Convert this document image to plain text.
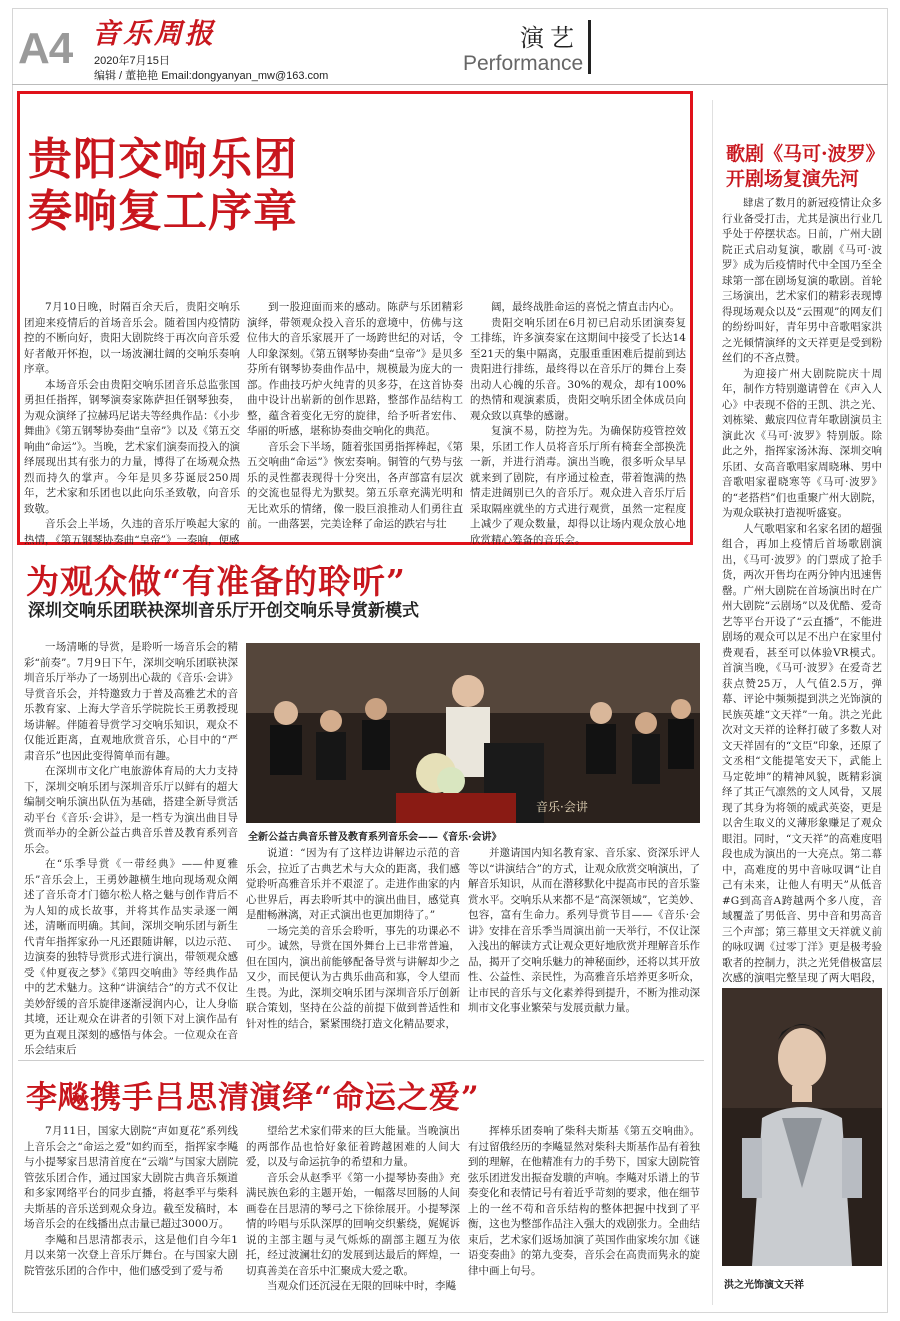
A4 音乐周报
2020年7月15日
编辑 / 董艳艳 Email:dongyanyan_mw@163.com
演艺
Performance
贵阳交响乐团
奏响复工序章

7月10日晚，时隔百余天后，贵阳交响乐团迎来疫情后的首场音乐会。随着国内疫情防控的不断向好，贵阳大剧院终于再次向音乐爱好者敞开怀抱，以一场波澜壮阔的交响乐奏响序章。

本场音乐会由贵阳交响乐团音乐总监张国勇担任指挥，钢琴演奏家陈萨担任钢琴独奏，为观众演绎了拉赫玛尼诺夫等经典作品：《小步舞曲》《第五钢琴协奏曲“皇帝”》以及《第五交响曲“命运”》。当晚，艺术家们演奏而投入的演绎展现出其有张力的力量，博得了在场观众热烈而持久的掌声。今年是贝多芬诞辰250周年，艺术家和乐团也以此向乐圣致敬，向音乐致敬。

音乐会上半场，久违的音乐厅唤起大家的热情，《第五钢琴协奏曲“皇帝”》一奏响，便感

到一股迎面而来的感动。陈萨与乐团精彩演绎，带领观众投入音乐的意境中，仿佛与这位伟大的音乐家展开了一场跨世纪的对话，令人印象深刻。《第五钢琴协奏曲“皇帝”》是贝多芬所有钢琴协奏曲作品中，规模最为庞大的一部。作曲技巧炉火纯青的贝多芬，在这首协奏曲中设计出崭新的创作思路，整部作品结构工整，蕴含着变化无穷的旋律，给予听者宏伟、华丽的听感，堪称协奏曲交响化的典范。

音乐会下半场，随着张国勇指挥棒起，《第五交响曲“命运”》恢宏奏响。铜管的气势与弦乐的灵性都表现得十分突出，各声部富有层次的交流也显得尤为默契。第五乐章充满光明和无比欢乐的情绪，像一股巨浪推动人们勇往直前。一曲落罢，完美诠释了命运的跌宕与壮

阔，最终战胜命运的喜悦之情直击内心。

贵阳交响乐团在6月初已启动乐团演奏复工排练，许多演奏家在这期间中接受了长达14至21天的集中隔离，克服重重困难后提前到达贵阳进行排练，最终得以在音乐厅的舞台上奏出动人心魄的乐音。30%的观众，却有100%的热情和观演素质，贵阳交响乐团全体成员向观众致以真挚的感谢。

复演不易，防控为先。为确保防疫管控效果，乐团工作人员将音乐厅所有椅套全部换洗一新，并进行消毒。演出当晚，很多听众早早就来到了剧院，有序通过检查，带着饱满的热情走进阔别已久的音乐厅。观众进入音乐厅后采取隔座就坐的方式进行观赏，虽然一定程度上减少了观众数量，却得以让场内观众放心地欣赏精心筹备的音乐会。

为观众做“有准备的聆听”
深圳交响乐团联袂深圳音乐厅开创交响乐导赏新模式

一场清晰的导赏，是聆听一场音乐会的精彩“前奏”。7月9日下午，深圳交响乐团联袂深圳音乐厅举办了一场别出心裁的《音乐·会讲》导赏音乐会，并特邀致力于普及高雅艺术的音乐教育家、上海大学音乐学院院长王勇教授现场讲解。伴随着导赏学习交响乐知识，观众不仅能近距离，直观地欣赏音乐，心目中的“严肃音乐”也因此变得简单而有趣。

在深圳市文化广电旅游体育局的大力支持下，深圳交响乐团与深圳音乐厅以鲜有的超大编制交响乐演出队伍为基础，搭建全新导赏活动平台《音乐·会讲》，是一档专为演出曲目导赏而举办的全新公益古典音乐普及教育系列音乐会。

在“乐季导赏《一带经典》——仲夏雅乐”音乐会上，王勇妙趣横生地向现场观众阐述了音乐奇才门德尔松人格之魅与创作背后不为人知的成长故事，并将其作品实录逐一阐述，清晰而明确。其间，深圳交响乐团与新生代青年指挥家孙一凡还跟随讲解，以边示范、边演奏的独特导赏形式进行演出，带领观众感受《仲夏夜之梦》《第四交响曲》等经典作品中的艺术魅力。这种“讲演结合”的方式不仅让美妙舒缓的音乐旋律逐渐浸润内心，让人身临其境，还让观众在讲者的引领下对上演作品有更为直观且深刻的感悟与体会。一位观众在音乐会结束后

音乐·会讲
全新公益古典音乐普及教育系列音乐会——《音乐·会讲》

说道：“因为有了这样边讲解边示范的音乐会，拉近了古典艺术与大众的距离，我们感觉聆听高雅音乐并不艰涩了。走进作曲家的内心世界后，再去聆听其中的演出曲目，感觉真是酣畅淋漓，对正式演出也更加期待了。”

一场完美的音乐会聆听，事先的功课必不可少。诚然，导赏在国外舞台上已非常普遍，但在国内，演出前能够配备导赏与讲解却少之又少，而民便认为古典乐曲高和寡，令人望而生畏。为此，深圳交响乐团与深圳音乐厅创新联合策划，坚持在公益的前提下做到普适性和针对性的结合，紧紧围绕打造文化精品要求，

并邀请国内知名教育家、音乐家、资深乐评人等以“讲演结合”的方式，让观众欣赏交响演出，了解音乐知识，从而在潜移默化中提高市民的音乐鉴赏水平。交响乐从来都不是“高深领域”，它美妙、包容，富有生命力。系列导赏节目——《音乐·会讲》安排在音乐季当周演出前一天举行，不仅让深入浅出的解读方式让观众更好地欣赏并理解音乐作品，揭开了交响乐魅力的神秘面纱，还将以其开放性、公益性、亲民性，为高雅音乐培养更多听众，让市民的音乐与文化素养得到提升，不断为推动深圳市文化事业繁荣与发展贡献力量。

李飚携手吕思清演绎“命运之爱”

7月11日，国家大剧院“声如夏花”系列线上音乐会之“命运之爱”如约而至，指挥家李飚与小提琴家吕思清首度在“云端”与国家大剧院管弦乐团合作，通过国家大剧院古典音乐频道和多家网络平台的同步直播，将赵季平与柴科夫斯基的音乐送到观众身边。截至发稿时，本场音乐会的在线播出点击量已超过3000万。

李飚和吕思清都表示，这是他们自今年1月以来第一次登上音乐厅舞台。在与国家大剧院管弦乐团的合作中，他们感受到了爱与希

望给艺术家们带来的巨大能量。当晚演出的两部作品也恰好象征着跨越困难的人间大爱，以及与命运抗争的希望和力量。

音乐会从赵季平《第一小提琴协奏曲》充满民族色彩的主题开始，一幅落尽回肠的人间画卷在吕思清的琴弓之下徐徐展开。小提琴深情的吟唱与乐队深厚的回响交织紫绕，娓娓诉说的主部主题与灵气烁烁的副部主题互为依托，经过波澜壮幻的发展到达最后的辉煌，一切真善美在音乐中汇聚成大爱之歌。

当观众们还沉浸在无限的回味中时，李飚

挥棒乐团奏响了柴科夫斯基《第五交响曲》。有过留俄经历的李飚显然对柴科夫斯基作品有着独到的理解，在他精准有力的手势下，国家大剧院管弦乐团迸发出振奋发聩的声响。李飚对乐谱上的节奏变化和表情记号有着近乎苛刻的要求，他在细节上的一丝不苟和音乐结构的整体把握中找到了平衡，这也为整部作品注入强大的戏剧张力。全曲结束后，艺术家们返场加演了英国作曲家埃尔加《谜语变奏曲》的第九变奏，音乐会在高贵而隽永的旋律中画上句号。

歌剧《马可·波罗》
开剧场复演先河

肆虐了数月的新冠疫情让众多行业备受打击，尤其是演出行业几乎处于停摆状态。日前，广州大剧院正式启动复演，歌剧《马可·波罗》成为后疫情时代中全国乃至全球第一部在剧场复演的歌剧。首轮三场演出，艺术家们的精彩表现博得现场观众以及“云围观”的网友们的纷纷叫好，青年男中音歌唱家洪之光倾情演绎的文天祥更是受到粉丝们的不吝点赞。

为迎接广州大剧院院庆十周年，制作方特别邀请曾在《声入人心》中表现不俗的王凯、洪之光、刘栋梁、戴宸四位青年歌剧演员主演此次《马可·波罗》特别版。除此之外，指挥家汤沐海、深圳交响乐团、女高音歌唱家周晓琳、男中音歌唱家翟晓寒等《马可·波罗》的“老搭档”们也重聚广州大剧院，为观众联袂打造视听盛宴。

人气歌唱家和名家名团的超强组合，再加上疫情后首场歌剧演出，《马可·波罗》的门票成了抢手货，两次开售均在两分钟内迅速售罄。广州大剧院在首场演出时在广州大剧院“云剧场”以及优酷、爱奇艺等平台开设了“云直播”，不能进剧场的观众可以足不出户在家里付费观看，甚至可以体验VR模式。首演当晚，《马可·波罗》在爱奇艺获点赞25万，人气值2.5万，弹幕、评论中频频提到洪之光饰演的民族英雄“文天祥”一角。洪之光此次对文天祥的诠释打破了多数人对文天祥固有的“文臣”印象，还原了文丞相“文能提笔安天下，武能上马定乾坤”的精神风貌，既精彩演绎了其正气凛然的文人风骨，又展现了其身为将领的威武英姿，更是以舍生取义的义薄形象赚足了观众眼泪。同时，“文天祥”的高难度唱段也成为演出的一大亮点。第二幕中，高难度的男中音咏叹调“让自己有未来，让他人有明天”从低音#G到高音A跨越两个多八度，音域覆盖了男低音、男中音和男高音三个声部；第三幕里文天祥就义前的咏叹调《过零丁洋》更是极考验歌者的控制力，洪之光凭借极富层次感的演唱完整呈现了两大唱段，

洪之光饰演文天祥
